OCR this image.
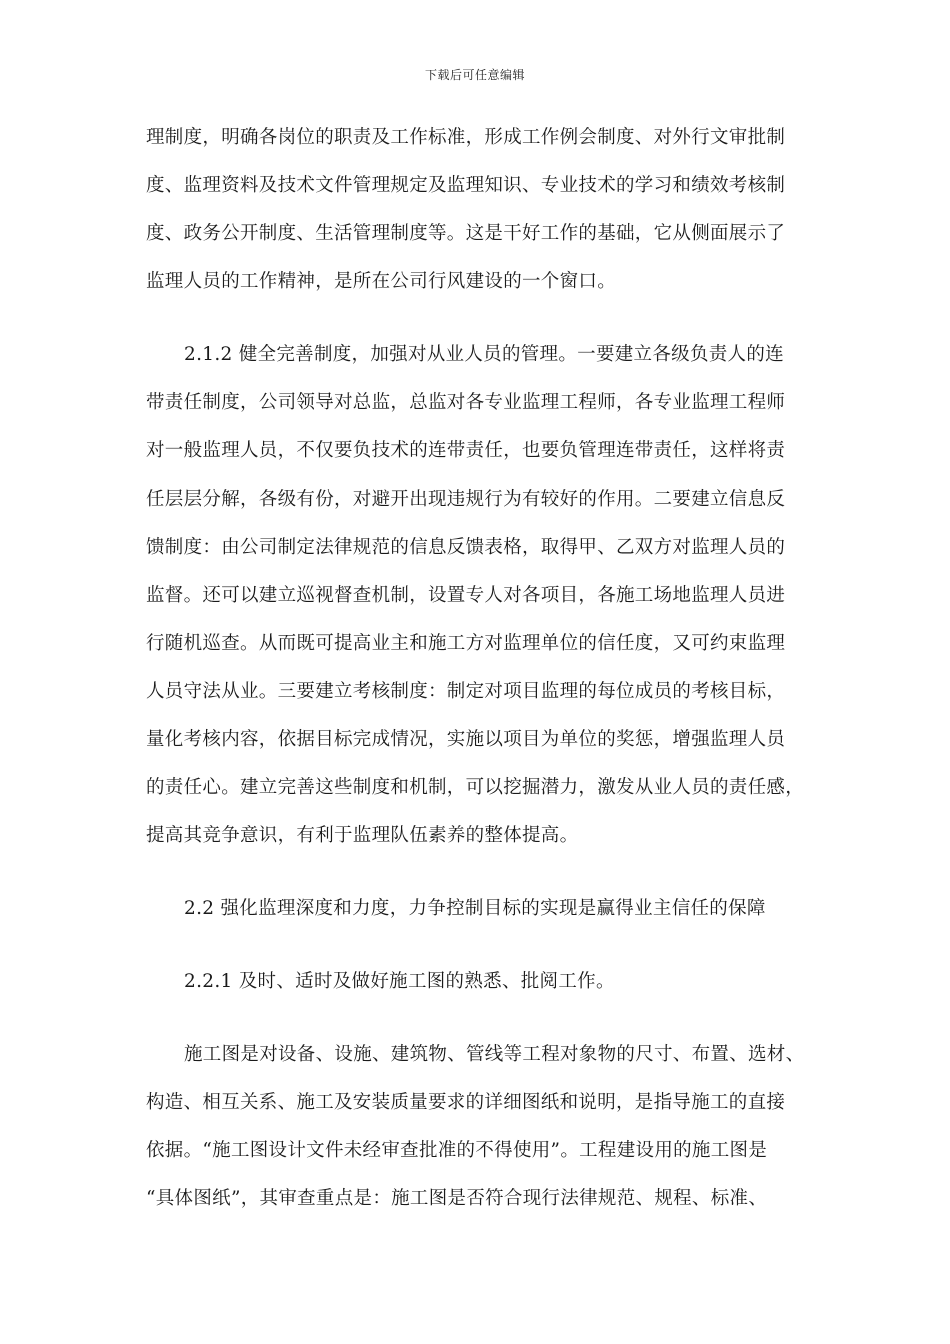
下载后可任意编辑
理制度，明确各岗位的职责及工作标准，形成工作例会制度、对外行文审批制
度、监理资料及技术文件管理规定及监理知识、专业技术的学习和绩效考核制
度、政务公开制度、生活管理制度等。这是干好工作的基础，它从侧面展示了
监理人员的工作精神，是所在公司行风建设的一个窗口。
2.1.2 健全完善制度，加强对从业人员的管理。一要建立各级负责人的连
带责任制度，公司领导对总监，总监对各专业监理工程师，各专业监理工程师
对一般监理人员，不仅要负技术的连带责任，也要负管理连带责任，这样将责
任层层分解，各级有份，对避开出现违规行为有较好的作用。二要建立信息反
馈制度：由公司制定法律规范的信息反馈表格，取得甲、乙双方对监理人员的
监督。还可以建立巡视督查机制，设置专人对各项目，各施工场地监理人员进
行随机巡查。从而既可提高业主和施工方对监理单位的信任度，又可约束监理
人员守法从业。三要建立考核制度：制定对项目监理的每位成员的考核目标，
量化考核内容，依据目标完成情况，实施以项目为单位的奖惩，增强监理人员
的责任心。建立完善这些制度和机制，可以挖掘潜力，激发从业人员的责任感，
提高其竞争意识，有利于监理队伍素养的整体提高。
2.2 强化监理深度和力度，力争控制目标的实现是赢得业主信任的保障
2.2.1 及时、适时及做好施工图的熟悉、批阅工作。
施工图是对设备、设施、建筑物、管线等工程对象物的尺寸、布置、选材、
构造、相互关系、施工及安装质量要求的详细图纸和说明，是指导施工的直接
依据。“施工图设计文件未经审查批准的不得使用”。工程建设用的施工图是
“具体图纸”，其审查重点是：施工图是否符合现行法律规范、规程、标准、
